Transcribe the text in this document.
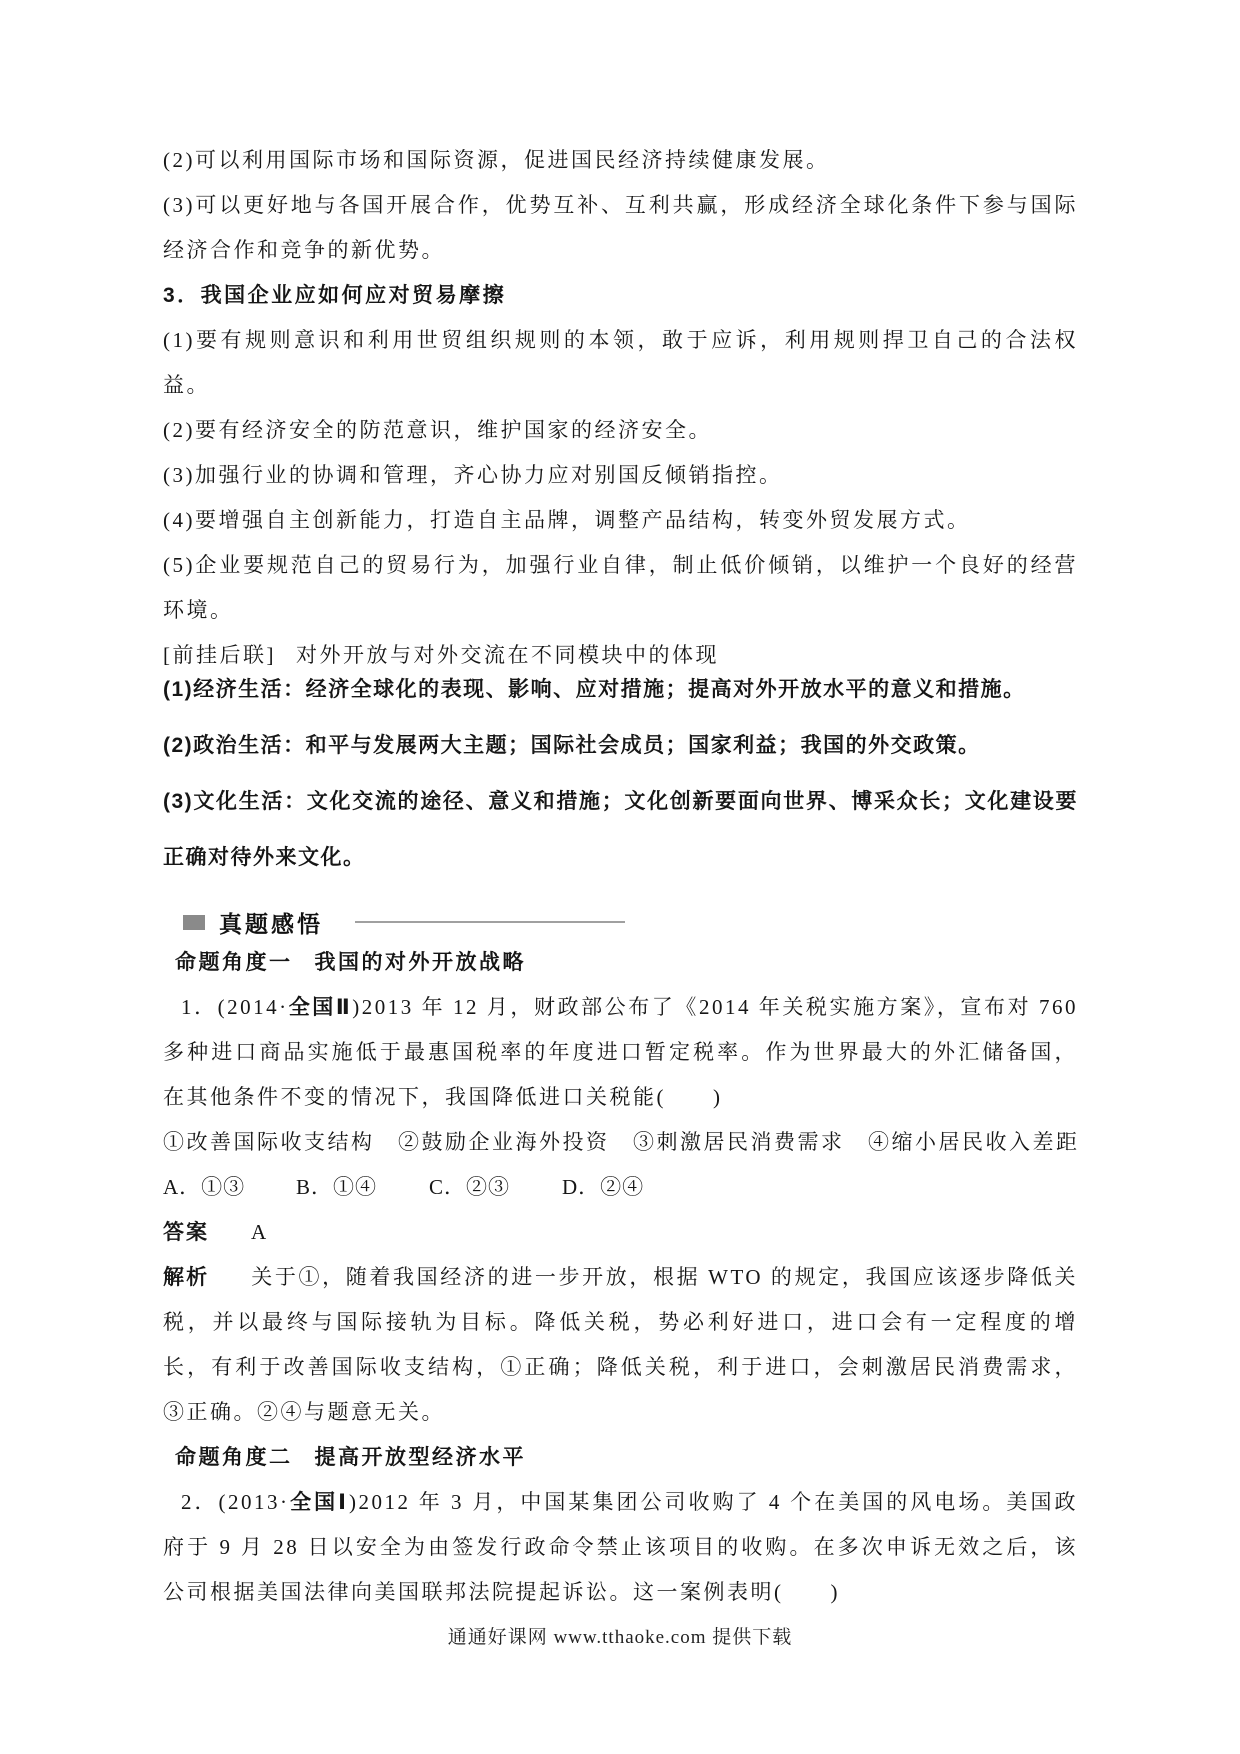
(2)可以利用国际市场和国际资源，促进国民经济持续健康发展。

(3)可以更好地与各国开展合作，优势互补、互利共赢，形成经济全球化条件下参与国际经济合作和竞争的新优势。

3．我国企业应如何应对贸易摩擦

(1)要有规则意识和利用世贸组织规则的本领，敢于应诉，利用规则捍卫自己的合法权益。

(2)要有经济安全的防范意识，维护国家的经济安全。

(3)加强行业的协调和管理，齐心协力应对别国反倾销指控。

(4)要增强自主创新能力，打造自主品牌，调整产品结构，转变外贸发展方式。

(5)企业要规范自己的贸易行为，加强行业自律，制止低价倾销，以维护一个良好的经营环境。

[前挂后联] 对外开放与对外交流在不同模块中的体现

(1)经济生活：经济全球化的表现、影响、应对措施；提高对外开放水平的意义和措施。

(2)政治生活：和平与发展两大主题；国际社会成员；国家利益；我国的外交政策。

(3)文化生活：文化交流的途径、意义和措施；文化创新要面向世界、博采众长；文化建设要正确对待外来文化。

真题感悟

命题角度一 我国的对外开放战略

1．(2014·全国Ⅱ)2013 年 12 月，财政部公布了《2014 年关税实施方案》，宣布对 760 多种进口商品实施低于最惠国税率的年度进口暂定税率。作为世界最大的外汇储备国，在其他条件不变的情况下，我国降低进口关税能(　　)

①改善国际收支结构　②鼓励企业海外投资　③刺激居民消费需求　④缩小居民收入差距

A．①③ B．①④ C．②③ D．②④

答案 A

解析 关于①，随着我国经济的进一步开放，根据 WTO 的规定，我国应该逐步降低关税，并以最终与国际接轨为目标。降低关税，势必利好进口，进口会有一定程度的增长，有利于改善国际收支结构，①正确；降低关税，利于进口，会刺激居民消费需求，③正确。②④与题意无关。

命题角度二 提高开放型经济水平

2．(2013·全国Ⅰ)2012 年 3 月，中国某集团公司收购了 4 个在美国的风电场。美国政府于 9 月 28 日以安全为由签发行政命令禁止该项目的收购。在多次申诉无效之后，该公司根据美国法律向美国联邦法院提起诉讼。这一案例表明(　　)

通通好课网 www.tthaoke.com 提供下载
